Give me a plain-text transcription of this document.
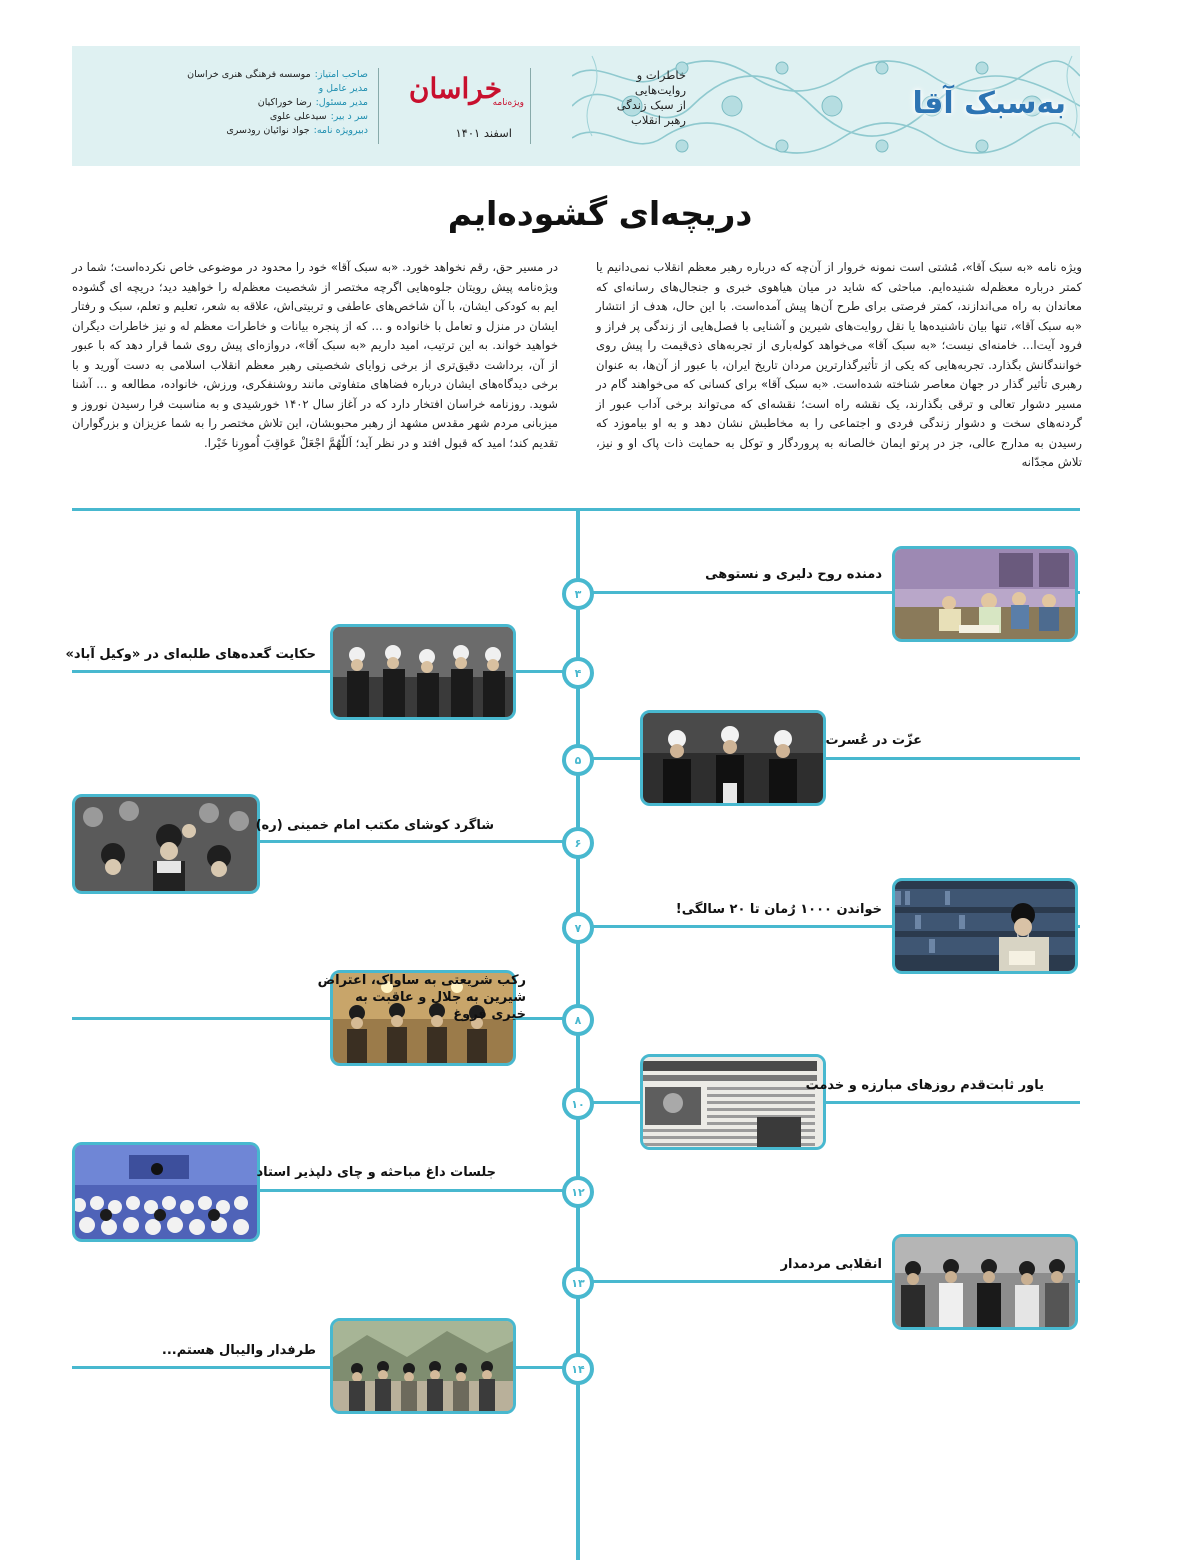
به‌سبک آقا
خاطرات و
روایت‌هایی
از سبک زندگی
رهبر انقلاب
خراسان
ویژه‌نامه
اسفند ۱۴۰۱
صاحب امتیاز:
موسسه فرهنگی هنری خراسان
مدیر عامل و
مدیر مسئول:
رضا خوراکیان
سر د بیر:
سیدعلی علوی
دبیرویژه نامه:
جواد نوائیان رودسری
دریچه‌ای گشوده‌ایم
ویژه نامه «به سبک آقا»، مُشتی است نمونه خروار از آن‌چه که درباره رهبر معظم انقلاب نمی‌دانیم یا کمتر درباره معظم‌له شنیده‌ایم. مباحثی که شاید در میان هیاهوی خبری و جنجال‌های رسانه‌ای که معاندان به راه می‌اندازند، کمتر فرصتی برای طرح آن‌ها پیش آمده‌است. با این حال، هدف از انتشار «به سبک آقا»، تنها بیان ناشنیده‌ها یا نقل روایت‌های شیرین و آشنایی با فصل‌هایی از زندگی پر فراز و فرود آیت‌ا... خامنه‌ای نیست؛ «به سبک آقا» می‌خواهد کوله‌باری از تجربه‌های ذی‌قیمت را پیش روی خوانندگانش بگذارد. تجربه‌هایی که یکی از تأثیرگذارترین مردان تاریخ ایران، با عبور از آن‌ها، به عنوان رهبری تأثیر گذار در جهان معاصر شناخته شده‌است. «به سبک آقا» برای کسانی که می‌خواهند گام در مسیر دشوار تعالی و ترقی بگذارند، یک نقشه راه است؛ نقشه‌ای که می‌تواند برخی آداب عبور از گردنه‌های سخت و دشوار زندگی فردی و اجتماعی را به مخاطبش نشان دهد و به او بیاموزد که رسیدن به مدارج عالی، جز در پرتو ایمان خالصانه به پروردگار و توکل به حمایت ذات پاک او و نیز، تلاش مجدّانه
در مسیر حق، رقم نخواهد خورد. «به سبک آقا» خود را محدود در موضوعی خاص نکرده‌است؛ شما در ویژه‌نامه پیش رویتان جلوه‌هایی اگرچه مختصر از شخصیت معظم‌له را خواهید دید؛ دریچه ای گشوده ایم به کودکی ایشان، با آن شاخص‌های عاطفی و تربیتی‌اش، علاقه به شعر، تعلیم و تعلم، سبک و رفتار ایشان در منزل و تعامل با خانواده و ... که از پنجره بیانات و خاطرات معظم له و نیز خاطرات دیگران خواهید خواند. به این ترتیب، امید داریم «به سبک آقا»، دروازه‌ای پیش روی شما قرار دهد که با عبور از آن، برداشت دقیق‌تری از برخی زوایای شخصیتی رهبر معظم انقلاب اسلامی به دست آورید و با برخی دیدگاه‌های ایشان درباره فضاهای متفاوتی مانند روشنفکری، ورزش، خانواده، مطالعه و ... آشنا شوید. روزنامه خراسان افتخار دارد که در آغاز سال ۱۴۰۲ خورشیدی و به مناسبت فرا رسیدن نوروز و میزبانی مردم شهر مقدس مشهد از رهبر محبوبشان، این تلاش مختصر را به شما عزیزان و بزرگواران تقدیم کند؛ امید که قبول افتد و در نظر آید؛ اَللّهُمَّ اجْعَلْ عَواقِبَ اُمورِنا خَیْرا.
۳
دمنده روح دلیری و نستوهی
۴
حکایت گعده‌های طلبه‌ای در «وکیل آباد»
۵
عزّت در عُسرت
۶
شاگرد کوشای مکتب امام خمینی (ره)
۷
خواندن ۱۰۰۰ رُمان تا ۲۰ سالگی!
۸
رکب شریعتی به ساواک، اعتراض شیرین به جلال و عاقبت به خیری فروغ
۱۰
یاور ثابت‌قدم روزهای مبارزه و خدمت
۱۲
جلسات داغ مباحثه و چای دلپذیر استاد
۱۳
انقلابی مردمدار
۱۴
طرفدار والیبال هستم...
